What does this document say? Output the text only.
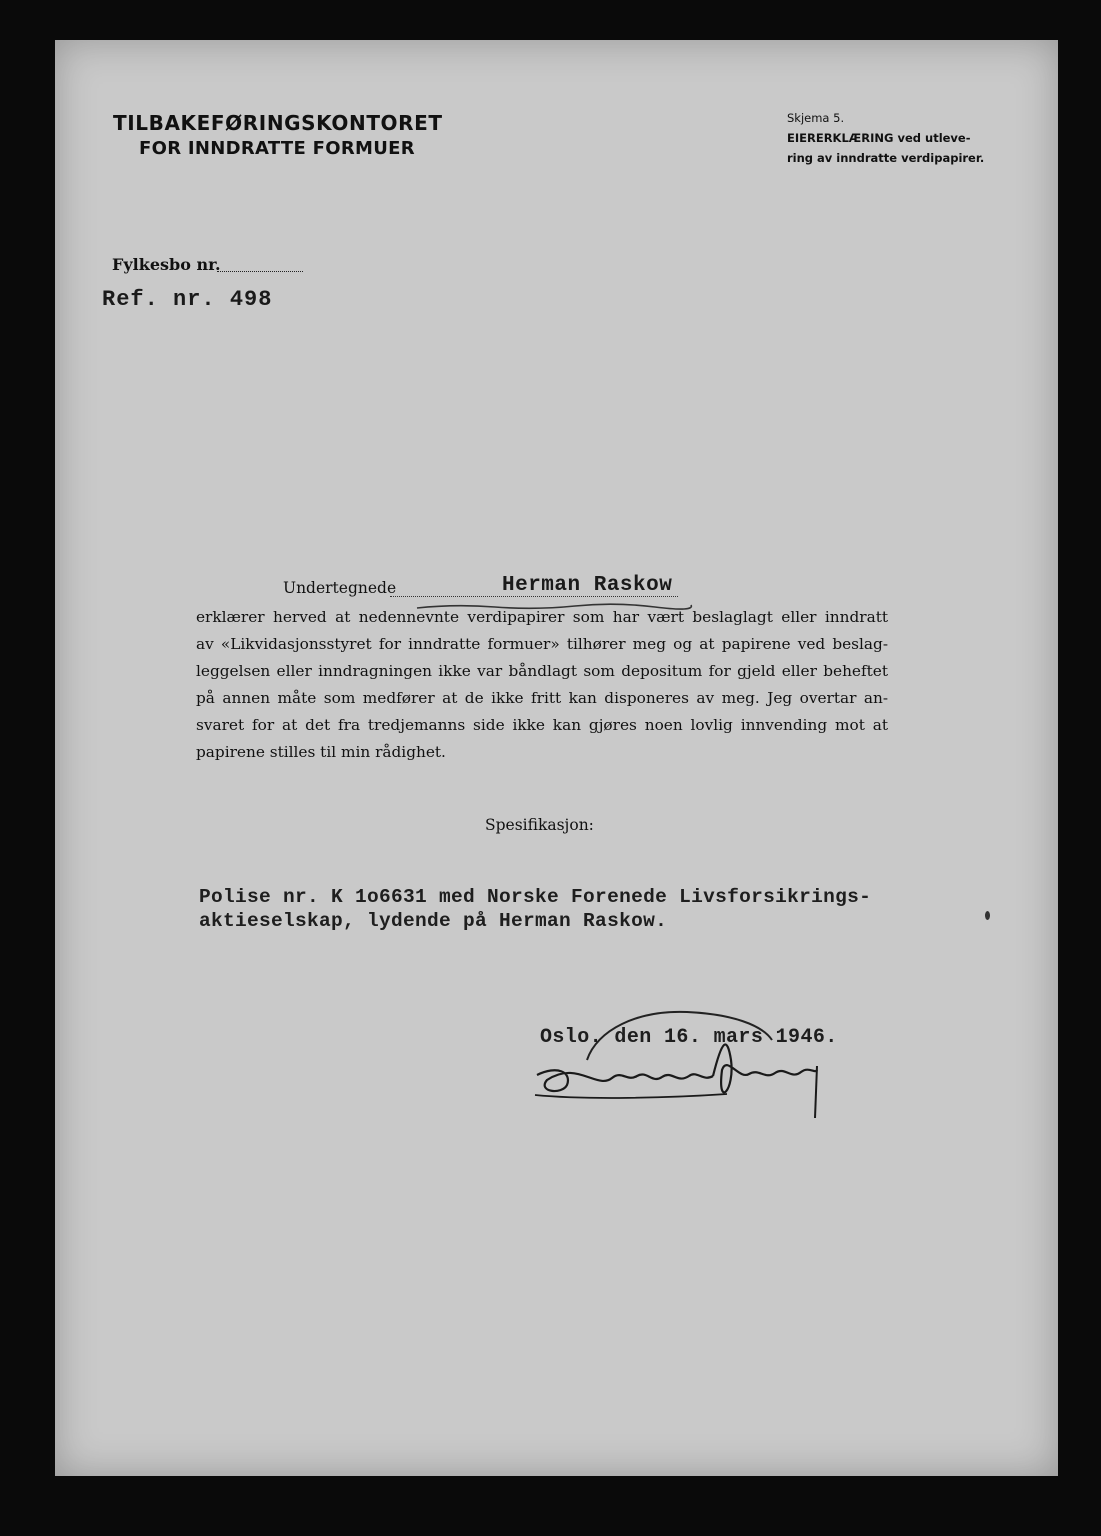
TILBAKEFØRINGSKONTORET
FOR INNDRATTE FORMUER
Skjema 5.
EIERERKLÆRING ved utleve-
ring av inndratte verdipapirer.
Fylkesbo nr.
Ref. nr. 498
Undertegnede	Herman Raskow
erklærer herved at nedennevnte verdipapirer som har vært beslaglagt eller inndratt
av «Likvidasjonsstyret for inndratte formuer» tilhører meg og at papirene ved beslag-
leggelsen eller inndragningen ikke var båndlagt som depositum for gjeld eller beheftet
på annen måte som medfører at de ikke fritt kan disponeres av meg. Jeg overtar an-
svaret for at det fra tredjemanns side ikke kan gjøres noen lovlig innvending mot at
papirene stilles til min rådighet.
Spesifikasjon:
Polise nr. K 1o6631 med Norske Forenede Livsforsikrings-
aktieselskap, lydende på Herman Raskow.
Oslo. den 16. mars 1946.
